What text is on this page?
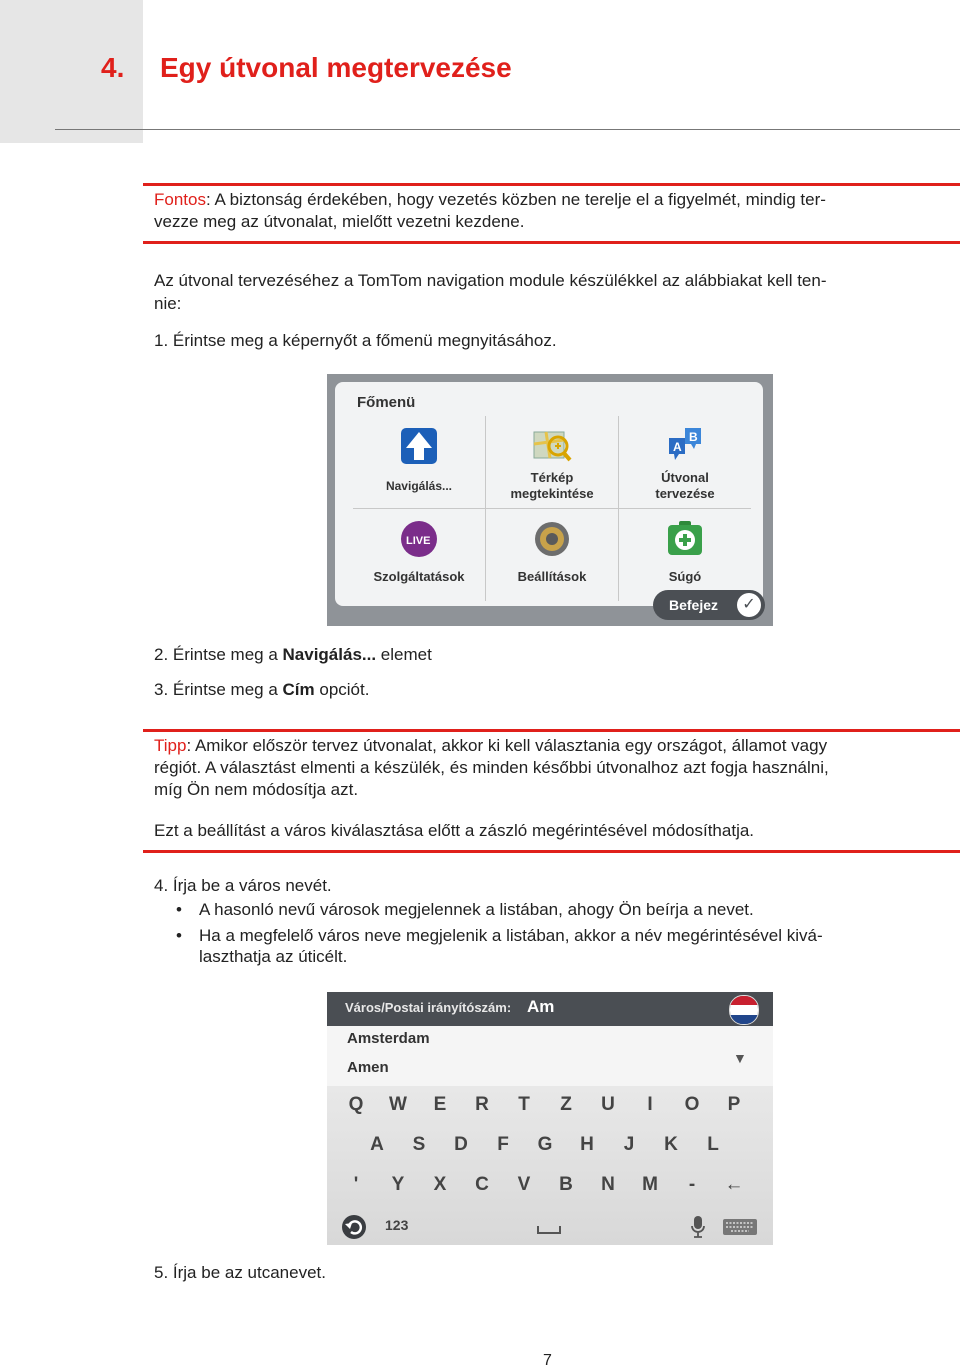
4. Egy útvonal megtervezése
Fontos: A biztonság érdekében, hogy vezetés közben ne terelje el a figyelmét, mindig ter-
vezze meg az útvonalat, mielőtt vezetni kezdene.
Az útvonal tervezéséhez a TomTom navigation module készülékkel az alábbiakat kell ten-
nie:
1. Érintse meg a képernyőt a főmenü megnyitásához.
Főmenü
Navigálás...
Térkép
megtekintése
A
B
Útvonal
tervezése
LIVE
Szolgáltatások	Beállítások	Súgó
Befejez	✓
2. Érintse meg a Navigálás... elemet
3. Érintse meg a Cím opciót.
Tipp: Amikor először tervez útvonalat, akkor ki kell választania egy országot, államot vagy
régiót. A választást elmenti a készülék, és minden későbbi útvonalhoz azt fogja használni,
míg Ön nem módosítja azt.
Ezt a beállítást a város kiválasztása előtt a zászló megérintésével módosíthatja.
4. Írja be a város nevét.
• A hasonló nevű városok megjelennek a listában, ahogy Ön beírja a nevet.
• Ha a megfelelő város neve megjelenik a listában, akkor a név megérintésével kivá-
laszthatja az úticélt.
Város/Postai irányítószám: Am
Amsterdam
Amen
▼
Q	W	E	R	T	Z	U	I	O	P
A	S	D	F	G	H	J	K	L
'	Y	X	C	V	B	N	M	-	←
123
5. Írja be az utcanevet.
7
